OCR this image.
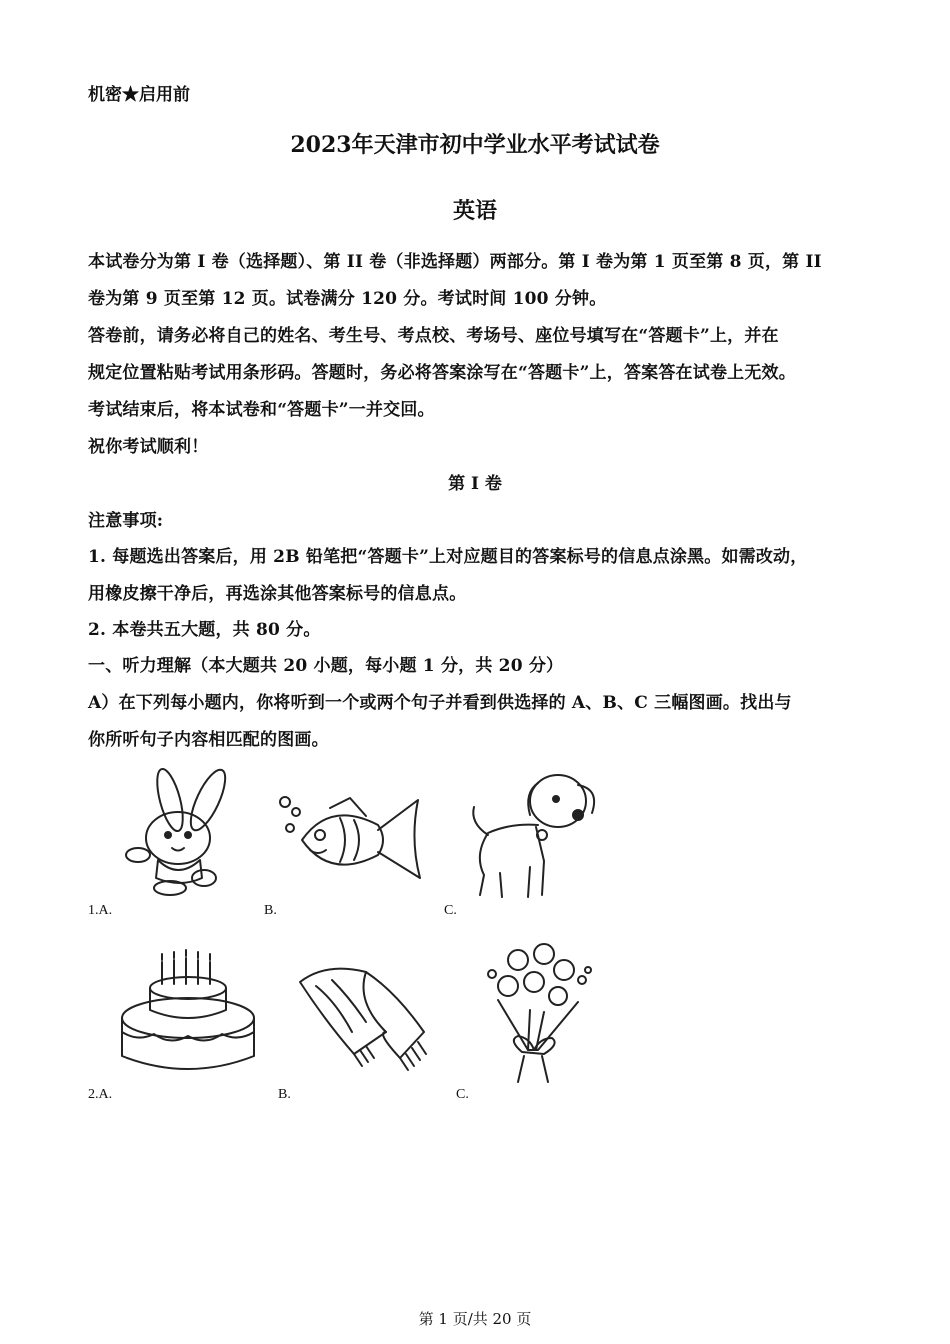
机密★启用前
2023年天津市初中学业水平考试试卷
英语
本试卷分为第 I 卷（选择题）、第 II 卷（非选择题）两部分。第 I 卷为第 1 页至第 8 页，第 II
卷为第 9 页至第 12 页。试卷满分 120 分。考试时间 100 分钟。
答卷前，请务必将自己的姓名、考生号、考点校、考场号、座位号填写在“答题卡”上，并在
规定位置粘贴考试用条形码。答题时，务必将答案涂写在“答题卡”上，答案答在试卷上无效。
考试结束后，将本试卷和“答题卡”一并交回。
祝你考试顺利！
第 I 卷
注意事项:
1. 每题选出答案后，用 2B 铅笔把“答题卡”上对应题目的答案标号的信息点涂黑。如需改动，
用橡皮擦干净后，再选涂其他答案标号的信息点。
2. 本卷共五大题，共 80 分。
一、听力理解（本大题共 20 小题，每小题 1 分，共 20 分）
A）在下列每小题内，你将听到一个或两个句子并看到供选择的 A、B、C 三幅图画。找出与
你所听句子内容相匹配的图画。
1.A.	B.	C.
2.A.	B.	C.
第 1 页/共 20 页
